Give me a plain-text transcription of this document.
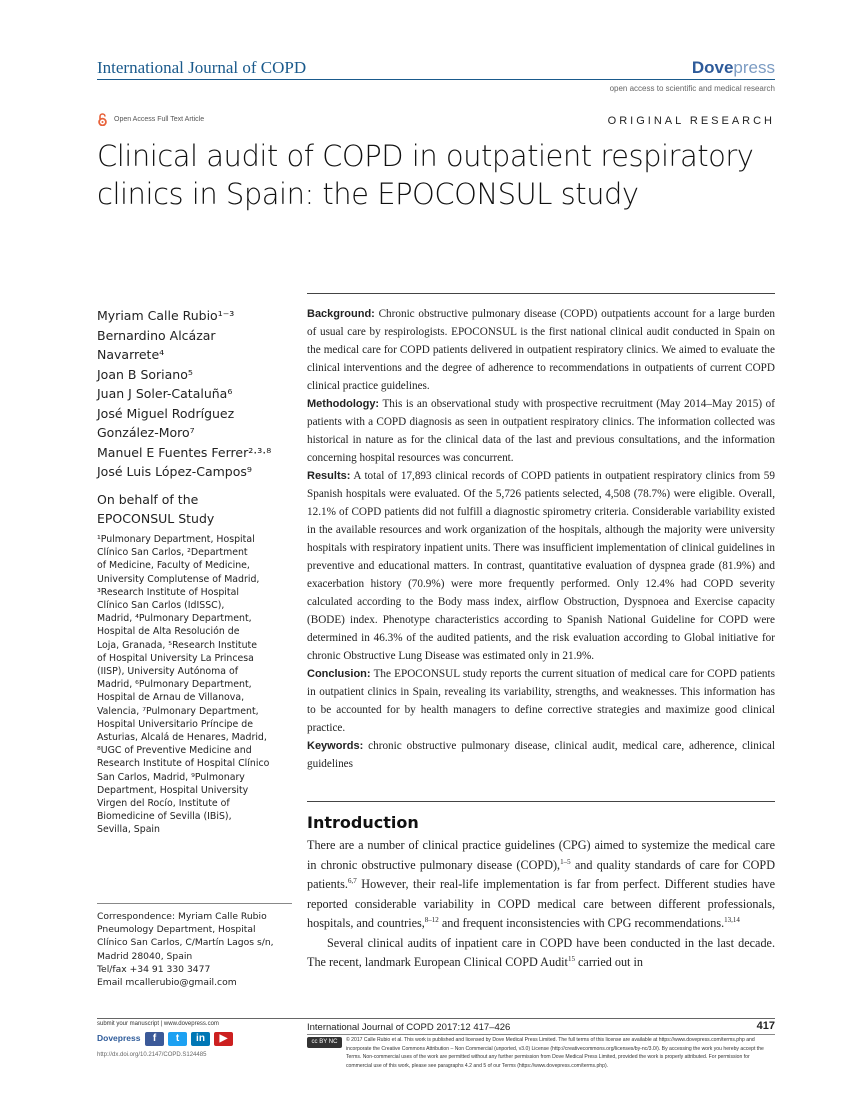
International Journal of COPD	Dovepress
open access to scientific and medical research
Open Access Full Text Article	ORIGINAL RESEARCH
Clinical audit of COPD in outpatient respiratory
clinics in Spain: the EPOCONSUL study
Myriam Calle Rubio¹⁻³
Bernardino Alcázar
Navarrete⁴
Joan B Soriano⁵
Juan J Soler-Cataluña⁶
José Miguel Rodríguez
González-Moro⁷
Manuel E Fuentes Ferrer²·³·⁸
José Luis López-Campos⁹
On behalf of the
EPOCONSUL Study
¹Pulmonary Department, Hospital
Clínico San Carlos, ²Department
of Medicine, Faculty of Medicine,
University Complutense of Madrid,
³Research Institute of Hospital
Clínico San Carlos (IdISSC),
Madrid, ⁴Pulmonary Department,
Hospital de Alta Resolución de
Loja, Granada, ⁵Research Institute
of Hospital University La Princesa
(IISP), University Autónoma of
Madrid, ⁶Pulmonary Department,
Hospital de Arnau de Villanova,
Valencia, ⁷Pulmonary Department,
Hospital Universitario Príncipe de
Asturias, Alcalá de Henares, Madrid,
⁸UGC of Preventive Medicine and
Research Institute of Hospital Clínico
San Carlos, Madrid, ⁹Pulmonary
Department, Hospital University
Virgen del Rocío, Institute of
Biomedicine of Sevilla (IBiS),
Sevilla, Spain
Correspondence: Myriam Calle Rubio
Pneumology Department, Hospital
Clínico San Carlos, C/Martín Lagos s/n,
Madrid 28040, Spain
Tel/fax +34 91 330 3477
Email mcallerubio@gmail.com
Background: Chronic obstructive pulmonary disease (COPD) outpatients account for a large burden of usual care by respirologists. EPOCONSUL is the first national clinical audit conducted in Spain on the medical care for COPD patients delivered in outpatient respiratory clinics. We aimed to evaluate the clinical interventions and the degree of adherence to recommendations in outpatients of current COPD clinical practice guidelines.
Methodology: This is an observational study with prospective recruitment (May 2014–May 2015) of patients with a COPD diagnosis as seen in outpatient respiratory clinics. The information collected was historical in nature as for the clinical data of the last and previous consultations, and the information concerning hospital resources was concurrent.
Results: A total of 17,893 clinical records of COPD patients in outpatient respiratory clinics from 59 Spanish hospitals were evaluated. Of the 5,726 patients selected, 4,508 (78.7%) were eligible. Overall, 12.1% of COPD patients did not fulfill a diagnostic spirometry criteria. Considerable variability existed in the available resources and work organization of the hospitals, although the majority were university hospitals with respiratory inpatient units. There was insufficient implementation of clinical guidelines in preventive and educational matters. In contrast, quantitative evaluation of dyspnea grade (81.9%) and exacerbation history (70.9%) were more frequently performed. Only 12.4% had COPD severity calculated according to the Body mass index, airflow Obstruction, Dyspnoea and Exercise capacity (BODE) index. Phenotype characteristics according to Spanish National Guideline for COPD were determined in 46.3% of the audited patients, and the risk evaluation according to Global initiative for chronic Obstructive Lung Disease was estimated only in 21.9%.
Conclusion: The EPOCONSUL study reports the current situation of medical care for COPD patients in outpatient clinics in Spain, revealing its variability, strengths, and weaknesses. This information has to be accounted for by health managers to define corrective strategies and maximize good clinical practice.
Keywords: chronic obstructive pulmonary disease, clinical audit, medical care, adherence, clinical guidelines
Introduction

There are a number of clinical practice guidelines (CPG) aimed to systemize the medical care in chronic obstructive pulmonary disease (COPD),$^{1-5}$ and quality standards of care for COPD patients.$^{6,7}$ However, their real-life implementation is far from perfect. Different studies have reported considerable variability in COPD medical care between different professionals, hospitals, and countries,$^{8-12}$ and frequent inconsistencies with CPG recommendations.$^{13,14}$

Several clinical audits of inpatient care in COPD have been conducted in the last decade. The recent, landmark European Clinical COPD Audit$^{15}$ carried out in

submit your manuscript | www.dovepress.com
Dovepress	f	t	in	▶
http://dx.doi.org/10.2147/COPD.S124485
International Journal of COPD 2017:12 417–426	417
cc BY NC	© 2017 Calle Rubio et al. This work is published and licensed by Dove Medical Press Limited. The full terms of this license are available at https://www.dovepress.com/terms.php and incorporate the Creative Commons Attribution – Non Commercial (unported, v3.0) License (http://creativecommons.org/licenses/by-nc/3.0/). By accessing the work you hereby accept the Terms. Non-commercial uses of the work are permitted without any further permission from Dove Medical Press Limited, provided the work is properly attributed. For permission for commercial use of this work, please see paragraphs 4.2 and 5 of our Terms (https://www.dovepress.com/terms.php).
